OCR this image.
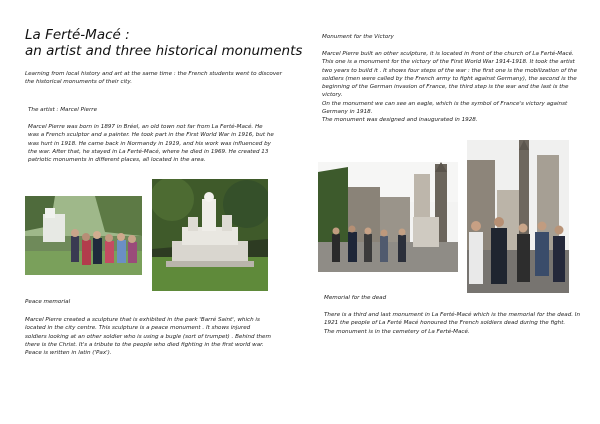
La Ferté-Macé :
an artist and three historical monuments
Learning from local history and art at the same time : the French students went to discover the historical monuments of their city.
The artist : Marcel Pierre
Marcel Pierre was born in 1897 in Bréel, an old town not far from La Ferté-Macé. He was a French sculptor and a painter. He took part in the First World War in 1916, but he was hurt in 1918. He came back in Normandy in 1919, and his work was influenced by the war. After that, he stayed in La Ferté-Macé, where he died in 1969. He created 13 patriotic monuments in different places, all located in the area.
Peace memorial
Marcel Pierre created a sculpture that is exhibited in the park 'Barré Saint', which is located in the city centre. This sculpture is a peace monument . It shows injured soldiers looking at an other soldier who is using a bugle (sort of trumpet) . Behind them there is the Christ. It's a tribute to the people who died fighting in the first world war. Peace is written in latin ('Pax').
Monument for the Victory
Marcel Pierre built an other sculpture, it is located in front of the church of La Ferté-Macé. This one is a monument for the victory of the First World War 1914-1918. It took the artist two years to build it . It shows four steps of the war : the first one is the mobilization of the soldiers (men were called by the French army to fight against Germany), the second is the beginning of the German invasion of France, the third step is the war and the last is the victory.
On the monument we can see an eagle, which is the symbol of France's victory against Germany in 1918.
The monument was designed and inaugurated in 1928.
Memorial for the dead
There is a third and last monument in La Ferté-Macé which is the memorial for the dead. In 1921 the people of La Ferté Macé honoured the French soldiers dead during the fight.
The monument is in the cemetery of La Ferté-Macé.
